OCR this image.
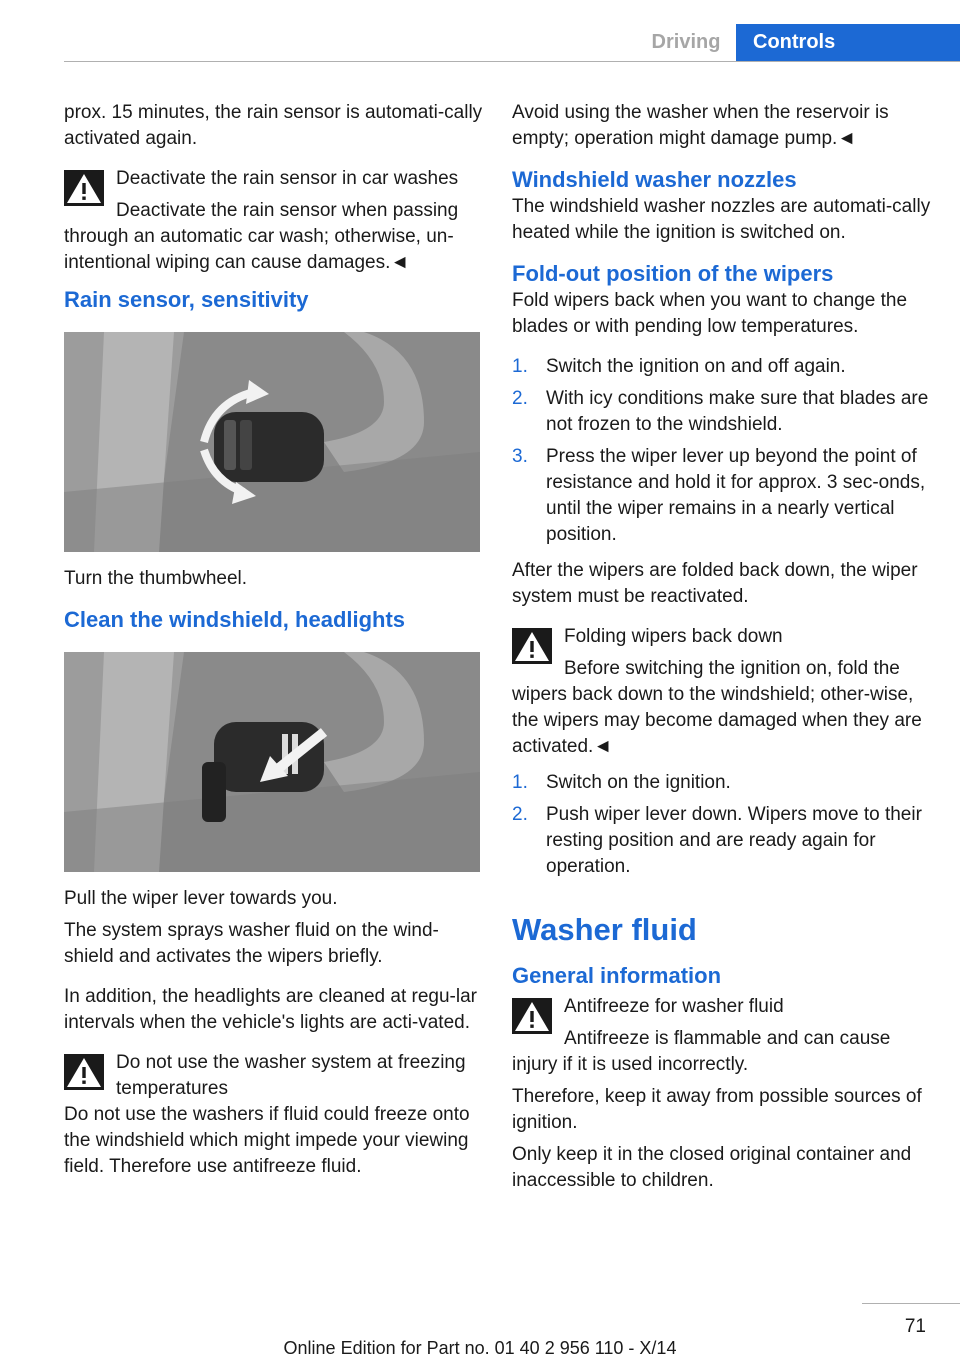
Driving	Controls

prox. 15 minutes, the rain sensor is automati‐cally activated again.

Deactivate the rain sensor in car washes
Deactivate the rain sensor when passing
through an automatic car wash; otherwise, un‐intentional wiping can cause damages.◄
Rain sensor, sensitivity

Turn the thumbwheel.

Clean the windshield, headlights

Pull the wiper lever towards you.

The system sprays washer fluid on the wind‐shield and activates the wipers briefly.

In addition, the headlights are cleaned at regu‐lar intervals when the vehicle's lights are acti‐vated.

Do not use the washer system at freezing temperatures
Do not use the washers if fluid could freeze onto the windshield which might impede your viewing field. Therefore use antifreeze fluid.

Avoid using the washer when the reservoir is empty; operation might damage pump.◄

Windshield washer nozzles

The windshield washer nozzles are automati‐cally heated while the ignition is switched on.

Fold-out position of the wipers

Fold wipers back when you want to change the blades or with pending low temperatures.

1. Switch the ignition on and off again.
2. With icy conditions make sure that blades are not frozen to the windshield.
3. Press the wiper lever up beyond the point of resistance and hold it for approx. 3 sec‐onds, until the wiper remains in a nearly vertical position.

After the wipers are folded back down, the wiper system must be reactivated.

Folding wipers back down
Before switching the ignition on, fold the
wipers back down to the windshield; other‐wise, the wipers may become damaged when they are activated.◄
1. Switch on the ignition.
2. Push wiper lever down. Wipers move to their resting position and are ready again for operation.
Washer fluid
General information
Antifreeze for washer fluid
Antifreeze is flammable and can cause
injury if it is used incorrectly.

Therefore, keep it away from possible sources of ignition.

Only keep it in the closed original container and inaccessible to children.

71
Online Edition for Part no. 01 40 2 956 110 - X/14
